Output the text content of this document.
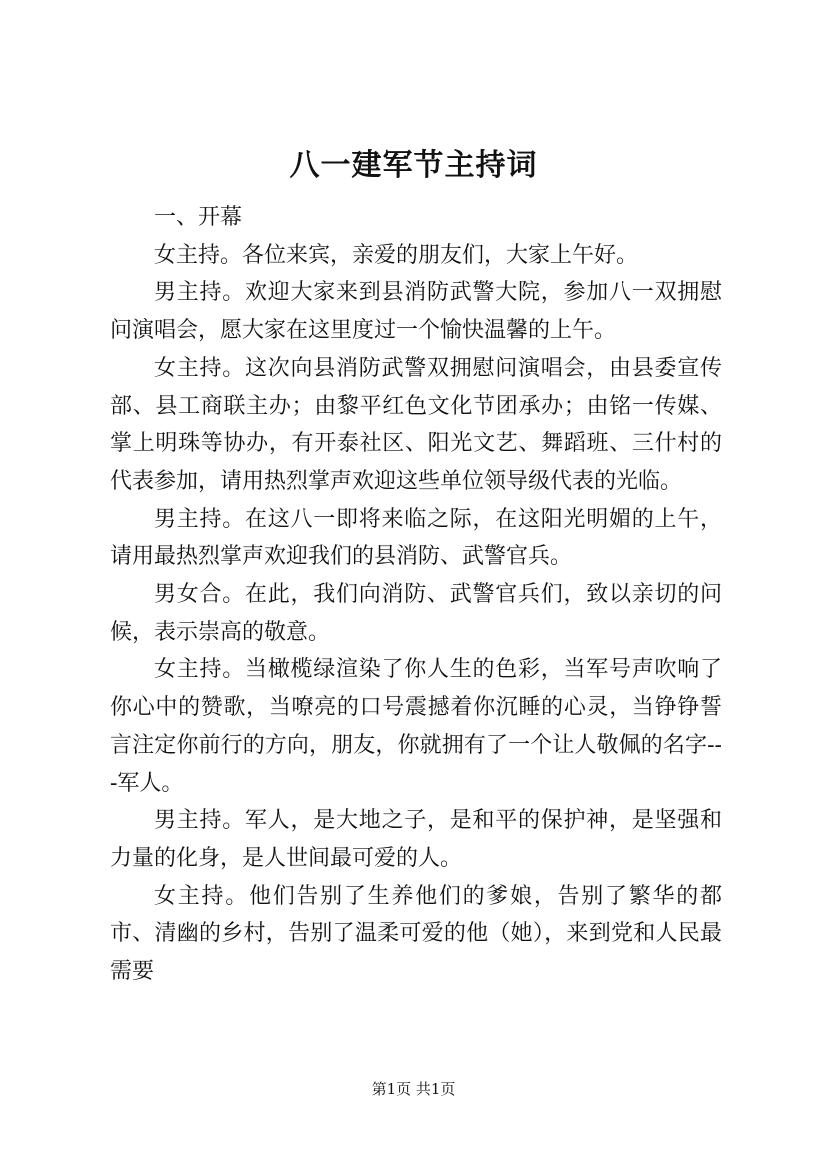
八一建军节主持词

一、开幕

女主持。各位来宾，亲爱的朋友们，大家上午好。

男主持。欢迎大家来到县消防武警大院，参加八一双拥慰问演唱会，愿大家在这里度过一个愉快温馨的上午。

女主持。这次向县消防武警双拥慰问演唱会，由县委宣传部、县工商联主办；由黎平红色文化节团承办；由铭一传媒、掌上明珠等协办，有开泰社区、阳光文艺、舞蹈班、三什村的代表参加，请用热烈掌声欢迎这些单位领导级代表的光临。

男主持。在这八一即将来临之际，在这阳光明媚的上午，请用最热烈掌声欢迎我们的县消防、武警官兵。

男女合。在此，我们向消防、武警官兵们，致以亲切的问候，表示崇高的敬意。

女主持。当橄榄绿渲染了你人生的色彩，当军号声吹响了你心中的赞歌，当嘹亮的口号震撼着你沉睡的心灵，当铮铮誓言注定你前行的方向，朋友，你就拥有了一个让人敬佩的名字---军人。

男主持。军人，是大地之子，是和平的保护神，是坚强和力量的化身，是人世间最可爱的人。

女主持。他们告别了生养他们的爹娘，告别了繁华的都市、清幽的乡村，告别了温柔可爱的他（她），来到党和人民最需要

第1页 共1页
